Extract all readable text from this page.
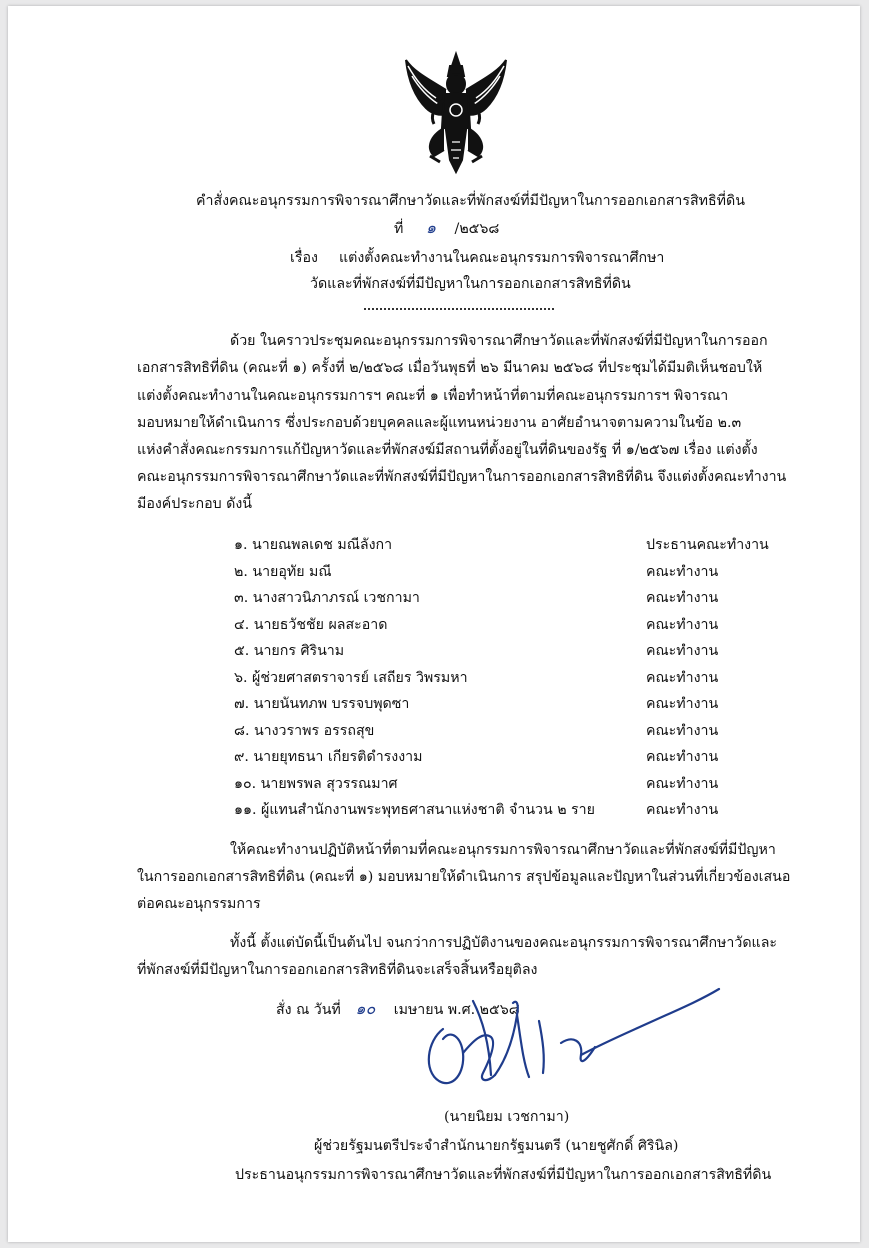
คำสั่งคณะอนุกรรมการพิจารณาศึกษาวัดและที่พักสงฆ์ที่มีปัญหาในการออกเอกสารสิทธิที่ดิน
ที่ ๑ /๒๕๖๘
เรื่อง แต่งตั้งคณะทำงานในคณะอนุกรรมการพิจารณาศึกษา
วัดและที่พักสงฆ์ที่มีปัญหาในการออกเอกสารสิทธิที่ดิน
ด้วย ในคราวประชุมคณะอนุกรรมการพิจารณาศึกษาวัดและที่พักสงฆ์ที่มีปัญหาในการออก
เอกสารสิทธิที่ดิน (คณะที่ ๑) ครั้งที่ ๒/๒๕๖๘ เมื่อวันพุธที่ ๒๖ มีนาคม ๒๕๖๘ ที่ประชุมได้มีมติเห็นชอบให้
แต่งตั้งคณะทำงานในคณะอนุกรรมการฯ คณะที่ ๑ เพื่อทำหน้าที่ตามที่คณะอนุกรรมการฯ พิจารณา
มอบหมายให้ดำเนินการ ซึ่งประกอบด้วยบุคคลและผู้แทนหน่วยงาน อาศัยอำนาจตามความในข้อ ๒.๓
แห่งคำสั่งคณะกรรมการแก้ปัญหาวัดและที่พักสงฆ์มีสถานที่ตั้งอยู่ในที่ดินของรัฐ ที่ ๑/๒๕๖๗ เรื่อง แต่งตั้ง
คณะอนุกรรมการพิจารณาศึกษาวัดและที่พักสงฆ์ที่มีปัญหาในการออกเอกสารสิทธิที่ดิน จึงแต่งตั้งคณะทำงาน
มีองค์ประกอบ ดังนี้
๑. นายณพลเดช มณีลังกา	ประธานคณะทำงาน
๒. นายอุทัย มณี	คณะทำงาน
๓. นางสาวนิภาภรณ์ เวชกามา	คณะทำงาน
๔. นายธวัชชัย ผลสะอาด	คณะทำงาน
๕. นายกร ศิรินาม	คณะทำงาน
๖. ผู้ช่วยศาสตราจารย์ เสถียร วิพรมหา	คณะทำงาน
๗. นายนันทภพ บรรจบพุดซา	คณะทำงาน
๘. นางวราพร อรรถสุข	คณะทำงาน
๙. นายยุทธนา เกียรติดำรงงาม	คณะทำงาน
๑๐. นายพรพล สุวรรณมาศ	คณะทำงาน
๑๑. ผู้แทนสำนักงานพระพุทธศาสนาแห่งชาติ จำนวน ๒ ราย	คณะทำงาน
ให้คณะทำงานปฏิบัติหน้าที่ตามที่คณะอนุกรรมการพิจารณาศึกษาวัดและที่พักสงฆ์ที่มีปัญหา
ในการออกเอกสารสิทธิที่ดิน (คณะที่ ๑) มอบหมายให้ดำเนินการ สรุปข้อมูลและปัญหาในส่วนที่เกี่ยวข้องเสนอ
ต่อคณะอนุกรรมการ
ทั้งนี้ ตั้งแต่บัดนี้เป็นต้นไป จนกว่าการปฏิบัติงานของคณะอนุกรรมการพิจารณาศึกษาวัดและ
ที่พักสงฆ์ที่มีปัญหาในการออกเอกสารสิทธิที่ดินจะเสร็จสิ้นหรือยุติลง
สั่ง ณ วันที่ ๑๐ เมษายน พ.ศ. ๒๕๖๘
(นายนิยม เวชกามา)
ผู้ช่วยรัฐมนตรีประจำสำนักนายกรัฐมนตรี (นายชูศักดิ์ ศิรินิล)
ประธานอนุกรรมการพิจารณาศึกษาวัดและที่พักสงฆ์ที่มีปัญหาในการออกเอกสารสิทธิที่ดิน
